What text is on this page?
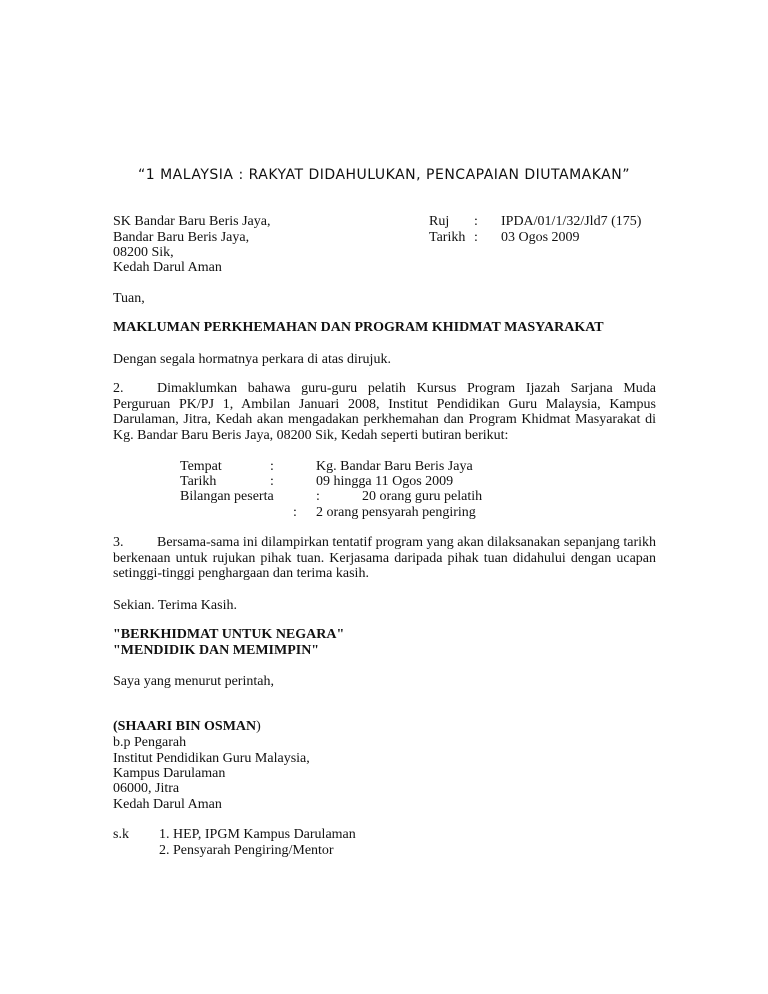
“1 MALAYSIA : RAKYAT DIDAHULUKAN, PENCAPAIAN DIUTAMAKAN”
SK Bandar Baru Beris Jaya,
Bandar Baru Beris Jaya,
08200 Sik,
Kedah Darul Aman
Ruj : IPDA/01/1/32/Jld7 (175)
Tarikh : 03 Ogos 2009
Tuan,
MAKLUMAN PERKHEMAHAN DAN PROGRAM KHIDMAT MASYARAKAT
Dengan segala hormatnya perkara di atas dirujuk.
2. Dimaklumkan bahawa guru-guru pelatih Kursus Program Ijazah Sarjana Muda Perguruan PK/PJ 1, Ambilan Januari 2008, Institut Pendidikan Guru Malaysia, Kampus Darulaman, Jitra, Kedah akan mengadakan perkhemahan dan Program Khidmat Masyarakat di Kg. Bandar Baru Beris Jaya, 08200 Sik, Kedah seperti butiran berikut:
Tempat	:	Kg. Bandar Baru Beris Jaya
Tarikh	:	09 hingga 11 Ogos 2009
Bilangan peserta	:	20 orang guru pelatih
: 2 orang pensyarah pengiring
3. Bersama-sama ini dilampirkan tentatif program yang akan dilaksanakan sepanjang tarikh berkenaan untuk rujukan pihak tuan. Kerjasama daripada pihak tuan didahului dengan ucapan setinggi-tinggi penghargaan dan terima kasih.
Sekian. Terima Kasih.
"BERKHIDMAT UNTUK NEGARA"
"MENDIDIK DAN MEMIMPIN"
Saya yang menurut perintah,
(SHAARI BIN OSMAN)
b.p Pengarah
Institut Pendidikan Guru Malaysia,
Kampus Darulaman
06000, Jitra
Kedah Darul Aman
s.k 1. HEP, IPGM Kampus Darulaman
2. Pensyarah Pengiring/Mentor
